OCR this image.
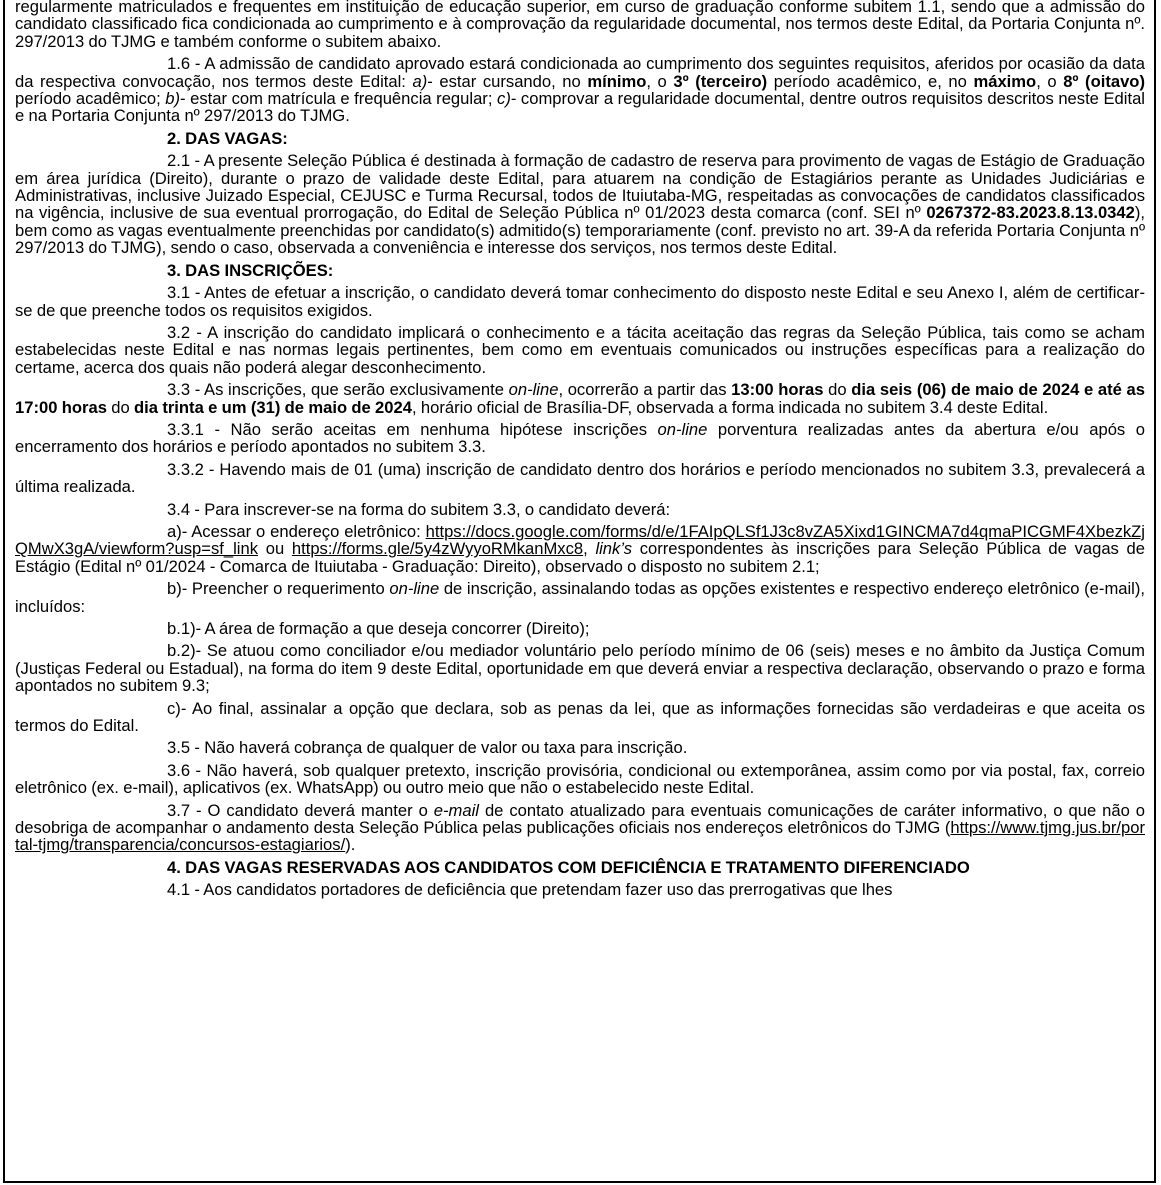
regularmente matriculados e frequentes em instituição de educação superior, em curso de graduação conforme subitem 1.1, sendo que a admissão do candidato classificado fica condicionada ao cumprimento e à comprovação da regularidade documental, nos termos deste Edital, da Portaria Conjunta nº. 297/2013 do TJMG e também conforme o subitem abaixo.

1.6 - A admissão de candidato aprovado estará condicionada ao cumprimento dos seguintes requisitos, aferidos por ocasião da data da respectiva convocação, nos termos deste Edital: a)- estar cursando, no mínimo, o 3º (terceiro) período acadêmico, e, no máximo, o 8º (oitavo) período acadêmico; b)- estar com matrícula e frequência regular; c)- comprovar a regularidade documental, dentre outros requisitos descritos neste Edital e na Portaria Conjunta nº 297/2013 do TJMG.

2. DAS VAGAS:

2.1 - A presente Seleção Pública é destinada à formação de cadastro de reserva para provimento de vagas de Estágio de Graduação em área jurídica (Direito), durante o prazo de validade deste Edital, para atuarem na condição de Estagiários perante as Unidades Judiciárias e Administrativas, inclusive Juizado Especial, CEJUSC e Turma Recursal, todos de Ituiutaba-MG, respeitadas as convocações de candidatos classificados na vigência, inclusive de sua eventual prorrogação, do Edital de Seleção Pública nº 01/2023 desta comarca (conf. SEI nº 0267372-83.2023.8.13.0342), bem como as vagas eventualmente preenchidas por candidato(s) admitido(s) temporariamente (conf. previsto no art. 39-A da referida Portaria Conjunta nº 297/2013 do TJMG), sendo o caso, observada a conveniência e interesse dos serviços, nos termos deste Edital.

3. DAS INSCRIÇÕES:

3.1 - Antes de efetuar a inscrição, o candidato deverá tomar conhecimento do disposto neste Edital e seu Anexo I, além de certificar-se de que preenche todos os requisitos exigidos.

3.2 - A inscrição do candidato implicará o conhecimento e a tácita aceitação das regras da Seleção Pública, tais como se acham estabelecidas neste Edital e nas normas legais pertinentes, bem como em eventuais comunicados ou instruções específicas para a realização do certame, acerca dos quais não poderá alegar desconhecimento.

3.3 - As inscrições, que serão exclusivamente on-line, ocorrerão a partir das 13:00 horas do dia seis (06) de maio de 2024 e até as 17:00 horas do dia trinta e um (31) de maio de 2024, horário oficial de Brasília-DF, observada a forma indicada no subitem 3.4 deste Edital.

3.3.1 - Não serão aceitas em nenhuma hipótese inscrições on-line porventura realizadas antes da abertura e/ou após o encerramento dos horários e período apontados no subitem 3.3.

3.3.2 - Havendo mais de 01 (uma) inscrição de candidato dentro dos horários e período mencionados no subitem 3.3, prevalecerá a última realizada.

3.4 - Para inscrever-se na forma do subitem 3.3, o candidato deverá:

a)- Acessar o endereço eletrônico: https://docs.google.com/forms/d/e/1FAIpQLSf1J3c8vZA5Xixd1GINCMA7d4qmaPICGMF4XbezkZjQMwX3gA/viewform?usp=sf_link ou https://forms.gle/5y4zWyyoRMkanMxc8, link’s correspondentes às inscrições para Seleção Pública de vagas de Estágio (Edital nº 01/2024 - Comarca de Ituiutaba - Graduação: Direito), observado o disposto no subitem 2.1;

b)- Preencher o requerimento on-line de inscrição, assinalando todas as opções existentes e respectivo endereço eletrônico (e-mail), incluídos:

b.1)- A área de formação a que deseja concorrer (Direito);

b.2)- Se atuou como conciliador e/ou mediador voluntário pelo período mínimo de 06 (seis) meses e no âmbito da Justiça Comum (Justiças Federal ou Estadual), na forma do item 9 deste Edital, oportunidade em que deverá enviar a respectiva declaração, observando o prazo e forma apontados no subitem 9.3;

c)- Ao final, assinalar a opção que declara, sob as penas da lei, que as informações fornecidas são verdadeiras e que aceita os termos do Edital.

3.5 - Não haverá cobrança de qualquer de valor ou taxa para inscrição.

3.6 - Não haverá, sob qualquer pretexto, inscrição provisória, condicional ou extemporânea, assim como por via postal, fax, correio eletrônico (ex. e-mail), aplicativos (ex. WhatsApp) ou outro meio que não o estabelecido neste Edital.

3.7 - O candidato deverá manter o e-mail de contato atualizado para eventuais comunicações de caráter informativo, o que não o desobriga de acompanhar o andamento desta Seleção Pública pelas publicações oficiais nos endereços eletrônicos do TJMG (https://www.tjmg.jus.br/portal-tjmg/transparencia/concursos-estagiarios/).

4. DAS VAGAS RESERVADAS AOS CANDIDATOS COM DEFICIÊNCIA E TRATAMENTO DIFERENCIADO

4.1 - Aos candidatos portadores de deficiência que pretendam fazer uso das prerrogativas que lhes
